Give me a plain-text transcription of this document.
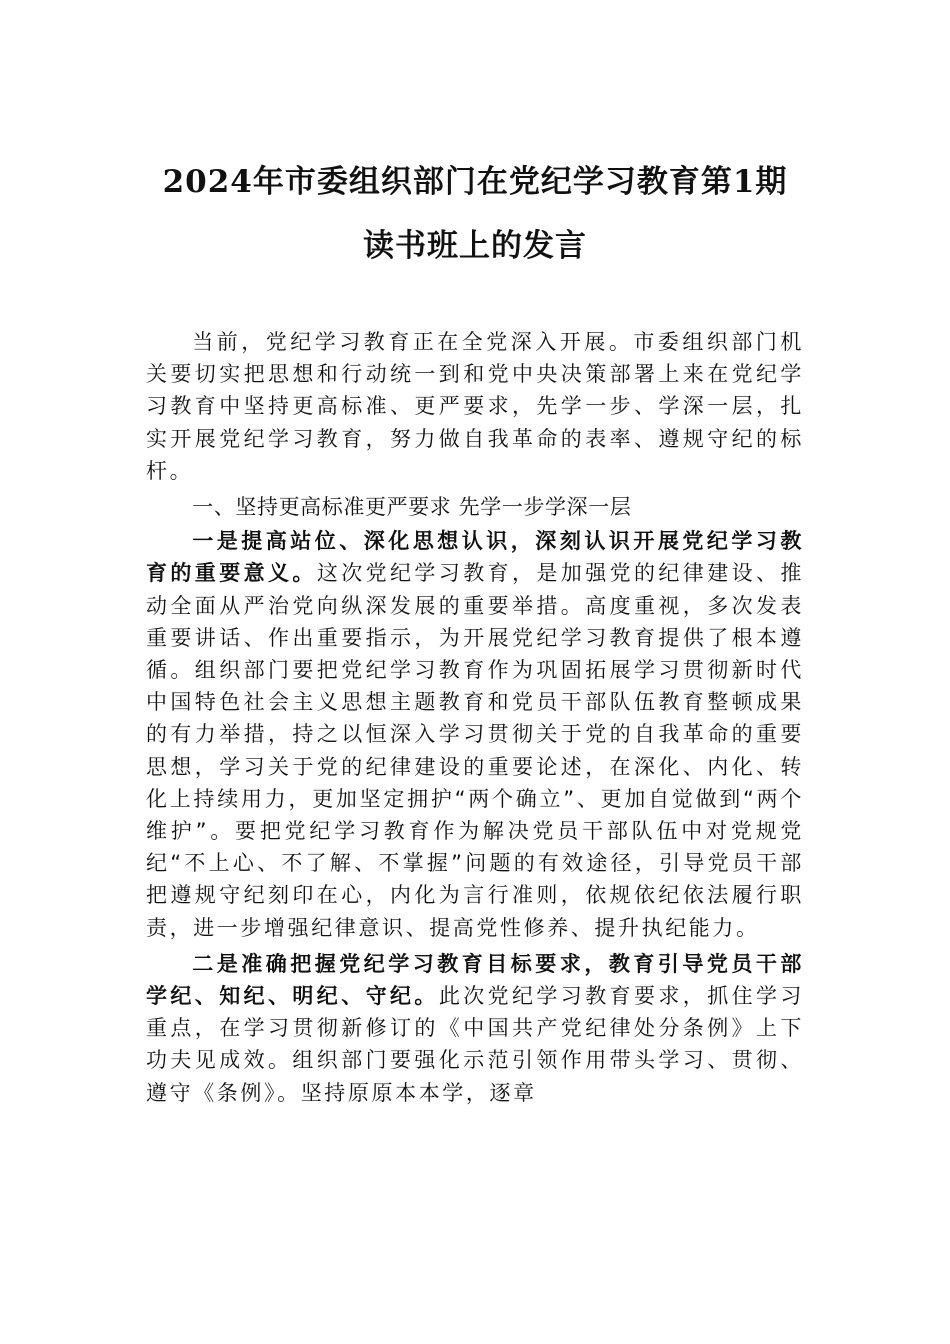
2024年市委组织部门在党纪学习教育第1期读书班上的发言

当前，党纪学习教育正在全党深入开展。市委组织部门机关要切实把思想和行动统一到和党中央决策部署上来在党纪学习教育中坚持更高标准、更严要求，先学一步、学深一层，扎实开展党纪学习教育，努力做自我革命的表率、遵规守纪的标杆。

一、坚持更高标准更严要求 先学一步学深一层

一是提高站位、深化思想认识，深刻认识开展党纪学习教育的重要意义。这次党纪学习教育，是加强党的纪律建设、推动全面从严治党向纵深发展的重要举措。高度重视，多次发表重要讲话、作出重要指示，为开展党纪学习教育提供了根本遵循。组织部门要把党纪学习教育作为巩固拓展学习贯彻新时代中国特色社会主义思想主题教育和党员干部队伍教育整顿成果的有力举措，持之以恒深入学习贯彻关于党的自我革命的重要思想，学习关于党的纪律建设的重要论述，在深化、内化、转化上持续用力，更加坚定拥护“两个确立”、更加自觉做到“两个维护”。要把党纪学习教育作为解决党员干部队伍中对党规党纪“不上心、不了解、不掌握”问题的有效途径，引导党员干部把遵规守纪刻印在心，内化为言行准则，依规依纪依法履行职责，进一步增强纪律意识、提高党性修养、提升执纪能力。

二是准确把握党纪学习教育目标要求，教育引导党员干部学纪、知纪、明纪、守纪。此次党纪学习教育要求，抓住学习重点，在学习贯彻新修订的《中国共产党纪律处分条例》上下功夫见成效。组织部门要强化示范引领作用带头学习、贯彻、遵守《条例》。坚持原原本本学，逐章
